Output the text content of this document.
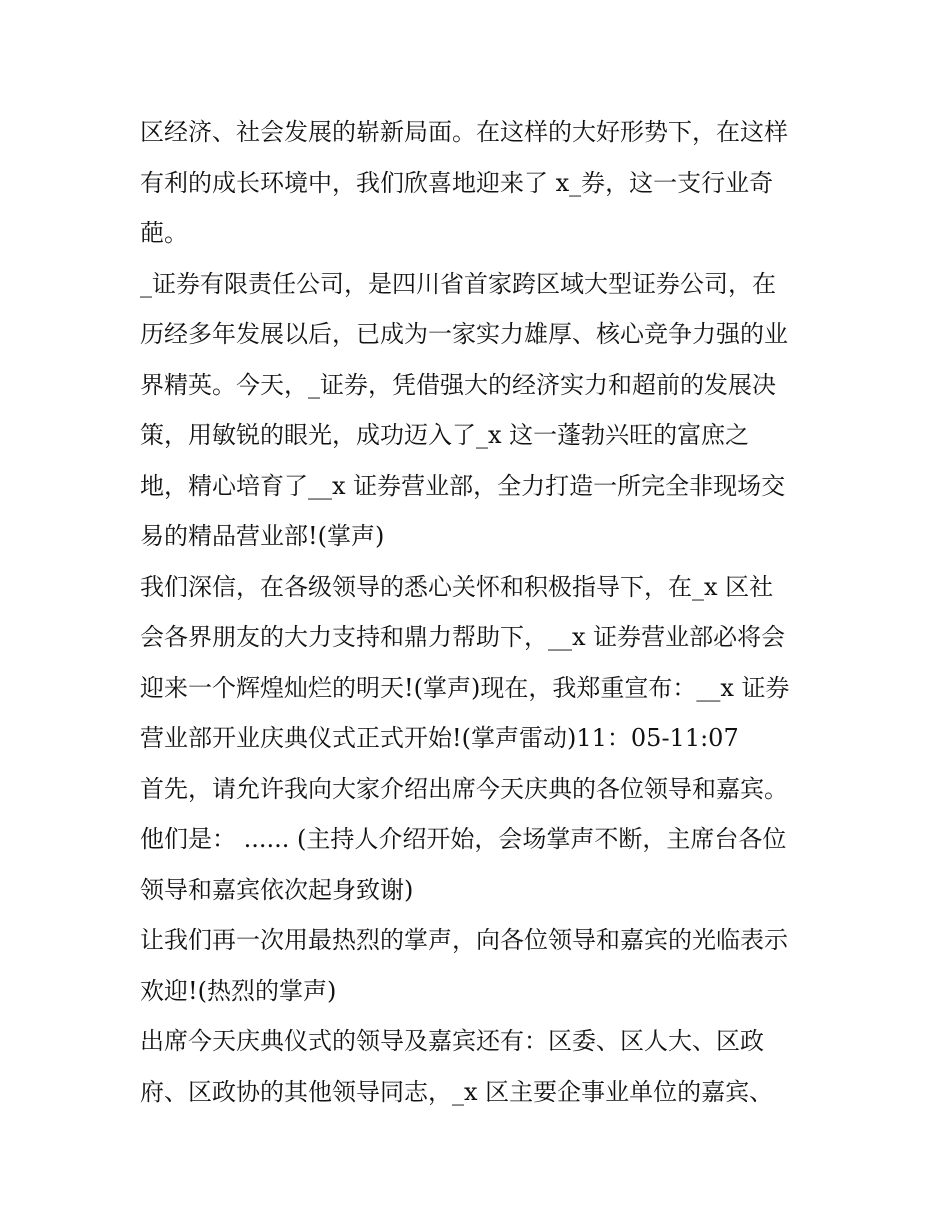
区经济、社会发展的崭新局面。在这样的大好形势下，在这样
有利的成长环境中，我们欣喜地迎来了 x_券，这一支行业奇
葩。
_证券有限责任公司，是四川省首家跨区域大型证券公司，在
历经多年发展以后，已成为一家实力雄厚、核心竞争力强的业
界精英。今天，_证券，凭借强大的经济实力和超前的发展决
策，用敏锐的眼光，成功迈入了_x 这一蓬勃兴旺的富庶之
地，精心培育了__x 证券营业部，全力打造一所完全非现场交
易的精品营业部!(掌声)
我们深信，在各级领导的悉心关怀和积极指导下，在_x 区社
会各界朋友的大力支持和鼎力帮助下，__x 证券营业部必将会
迎来一个辉煌灿烂的明天!(掌声)现在，我郑重宣布：__x 证券
营业部开业庆典仪式正式开始!(掌声雷动)11：05-11:07
首先，请允许我向大家介绍出席今天庆典的各位领导和嘉宾。
他们是： ...... (主持人介绍开始，会场掌声不断，主席台各位
领导和嘉宾依次起身致谢)
让我们再一次用最热烈的掌声，向各位领导和嘉宾的光临表示
欢迎!(热烈的掌声)
出席今天庆典仪式的领导及嘉宾还有：区委、区人大、区政
府、区政协的其他领导同志，_x 区主要企事业单位的嘉宾、
